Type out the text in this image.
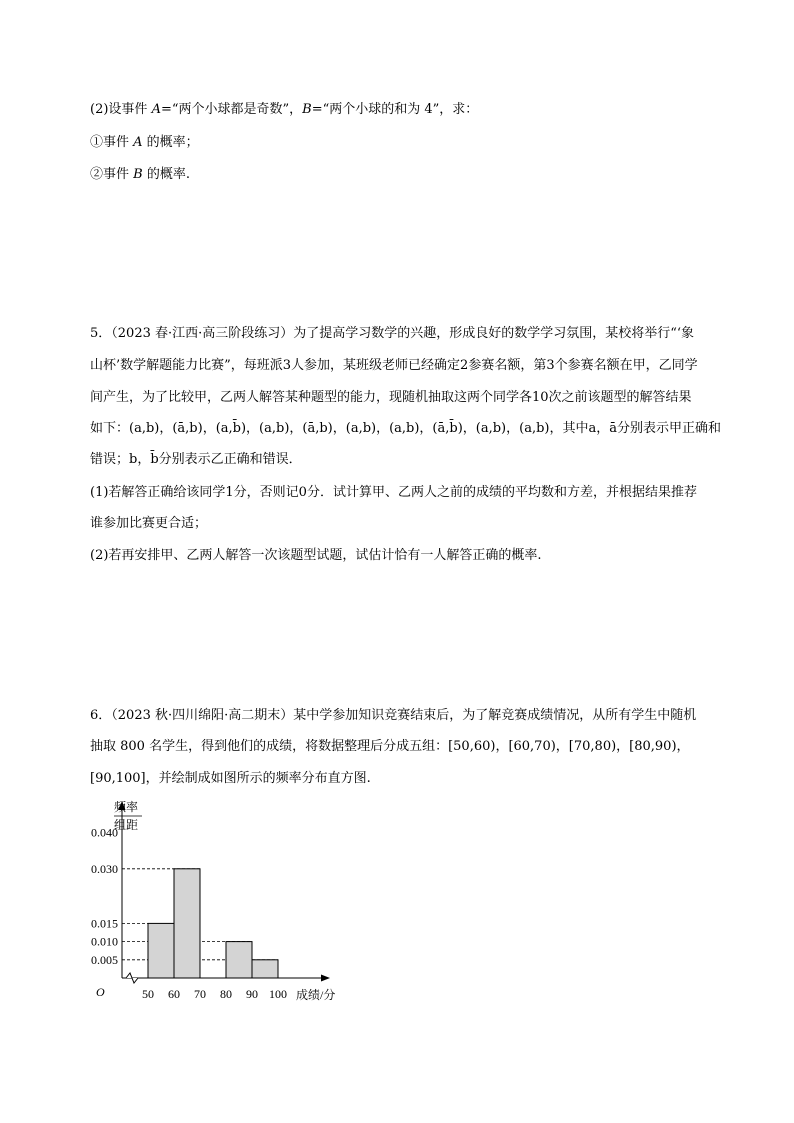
(2)设事件 A=“两个小球都是奇数”，B=“两个小球的和为 4”，求：
①事件 A 的概率；
②事件 B 的概率.
5．（2023 春·江西·高三阶段练习）为了提高学习数学的兴趣，形成良好的数学学习氛围，某校将举行“‘象
山杯’数学解题能力比赛”，每班派3人参加，某班级老师已经确定2参赛名额，第3个参赛名额在甲，乙同学
间产生，为了比较甲，乙两人解答某种题型的能力，现随机抽取这两个同学各10次之前该题型的解答结果
如下：(a,b)，(ā,b)，(a,b̄)，(a,b)，(ā,b)，(a,b)，(a,b)，(ā,b̄)，(a,b)，(a,b)，其中a，ā分别表示甲正确和
错误；b，b̄分别表示乙正确和错误．
(1)若解答正确给该同学1分，否则记0分．试计算甲、乙两人之前的成绩的平均数和方差，并根据结果推荐
谁参加比赛更合适；
(2)若再安排甲、乙两人解答一次该题型试题，试估计恰有一人解答正确的概率.
6．（2023 秋·四川绵阳·高二期末）某中学参加知识竞赛结束后，为了解竞赛成绩情况，从所有学生中随机
抽取 800 名学生，得到他们的成绩，将数据整理后分成五组：[50,60)，[60,70)，[70,80)，[80,90)，
[90,100]，并绘制成如图所示的频率分布直方图.
频率
组距
O	成绩/分
0.040
0.030
0.015
0.010
0.005
50 60 70 80 90 100
